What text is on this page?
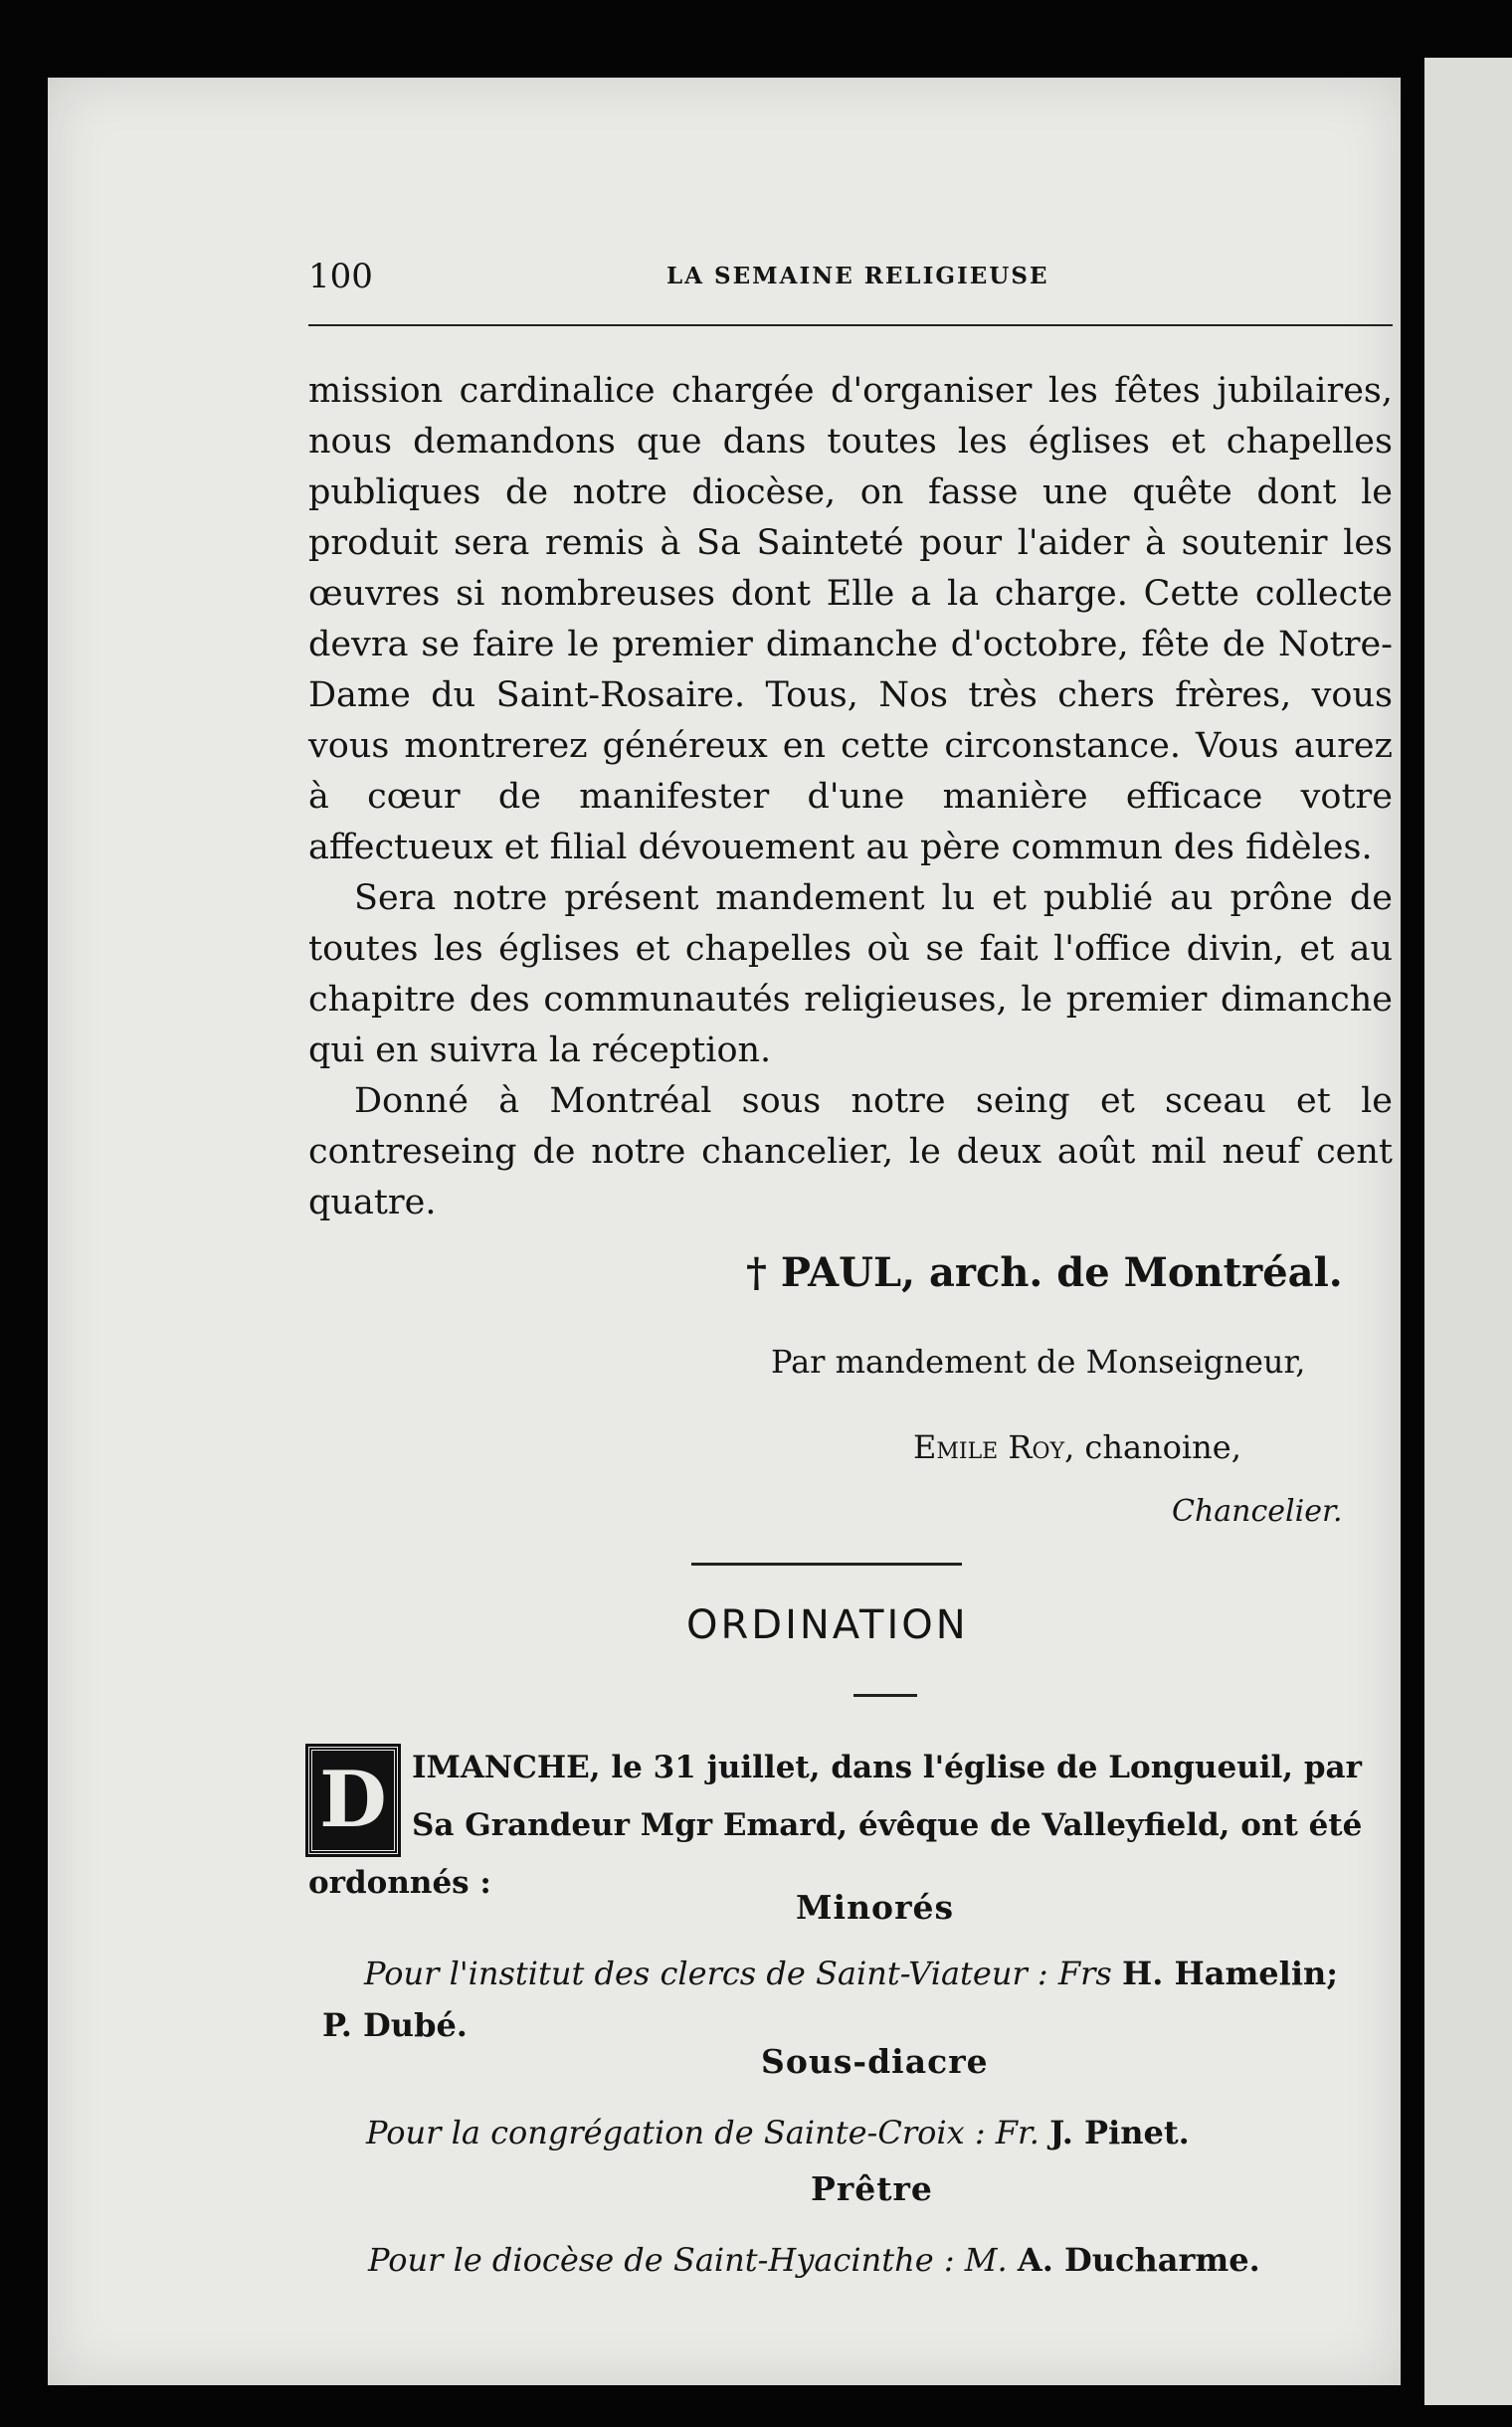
100	LA SEMAINE RELIGIEUSE

mission cardinalice chargée d'organiser les fêtes jubilaires, nous demandons que dans toutes les églises et chapelles publiques de notre diocèse, on fasse une quête dont le produit sera remis à Sa Sainteté pour l'aider à soutenir les œuvres si nombreuses dont Elle a la charge. Cette collecte devra se faire le premier dimanche d'octobre, fête de Notre-Dame du Saint-Rosaire. Tous, Nos très chers frères, vous vous montrerez généreux en cette circonstance. Vous aurez à cœur de manifester d'une manière efficace votre affectueux et filial dévouement au père commun des fidèles.

Sera notre présent mandement lu et publié au prône de toutes les églises et chapelles où se fait l'office divin, et au chapitre des communautés religieuses, le premier dimanche qui en suivra la réception.

Donné à Montréal sous notre seing et sceau et le contreseing de notre chancelier, le deux août mil neuf cent quatre.

† PAUL, arch. de Montréal.
Par mandement de Monseigneur,
Emile Roy, chanoine,
Chancelier.
ORDINATION
D IMANCHE, le 31 juillet, dans l'église de Longueuil, par Sa Grandeur Mgr Emard, évêque de Valleyfield, ont été ordonnés :
Minorés
Pour l'institut des clercs de Saint-Viateur : Frs H. Hamelin;
P. Dubé.
Sous-diacre
Pour la congrégation de Sainte-Croix : Fr. J. Pinet.
Prêtre
Pour le diocèse de Saint-Hyacinthe : M. A. Ducharme.
